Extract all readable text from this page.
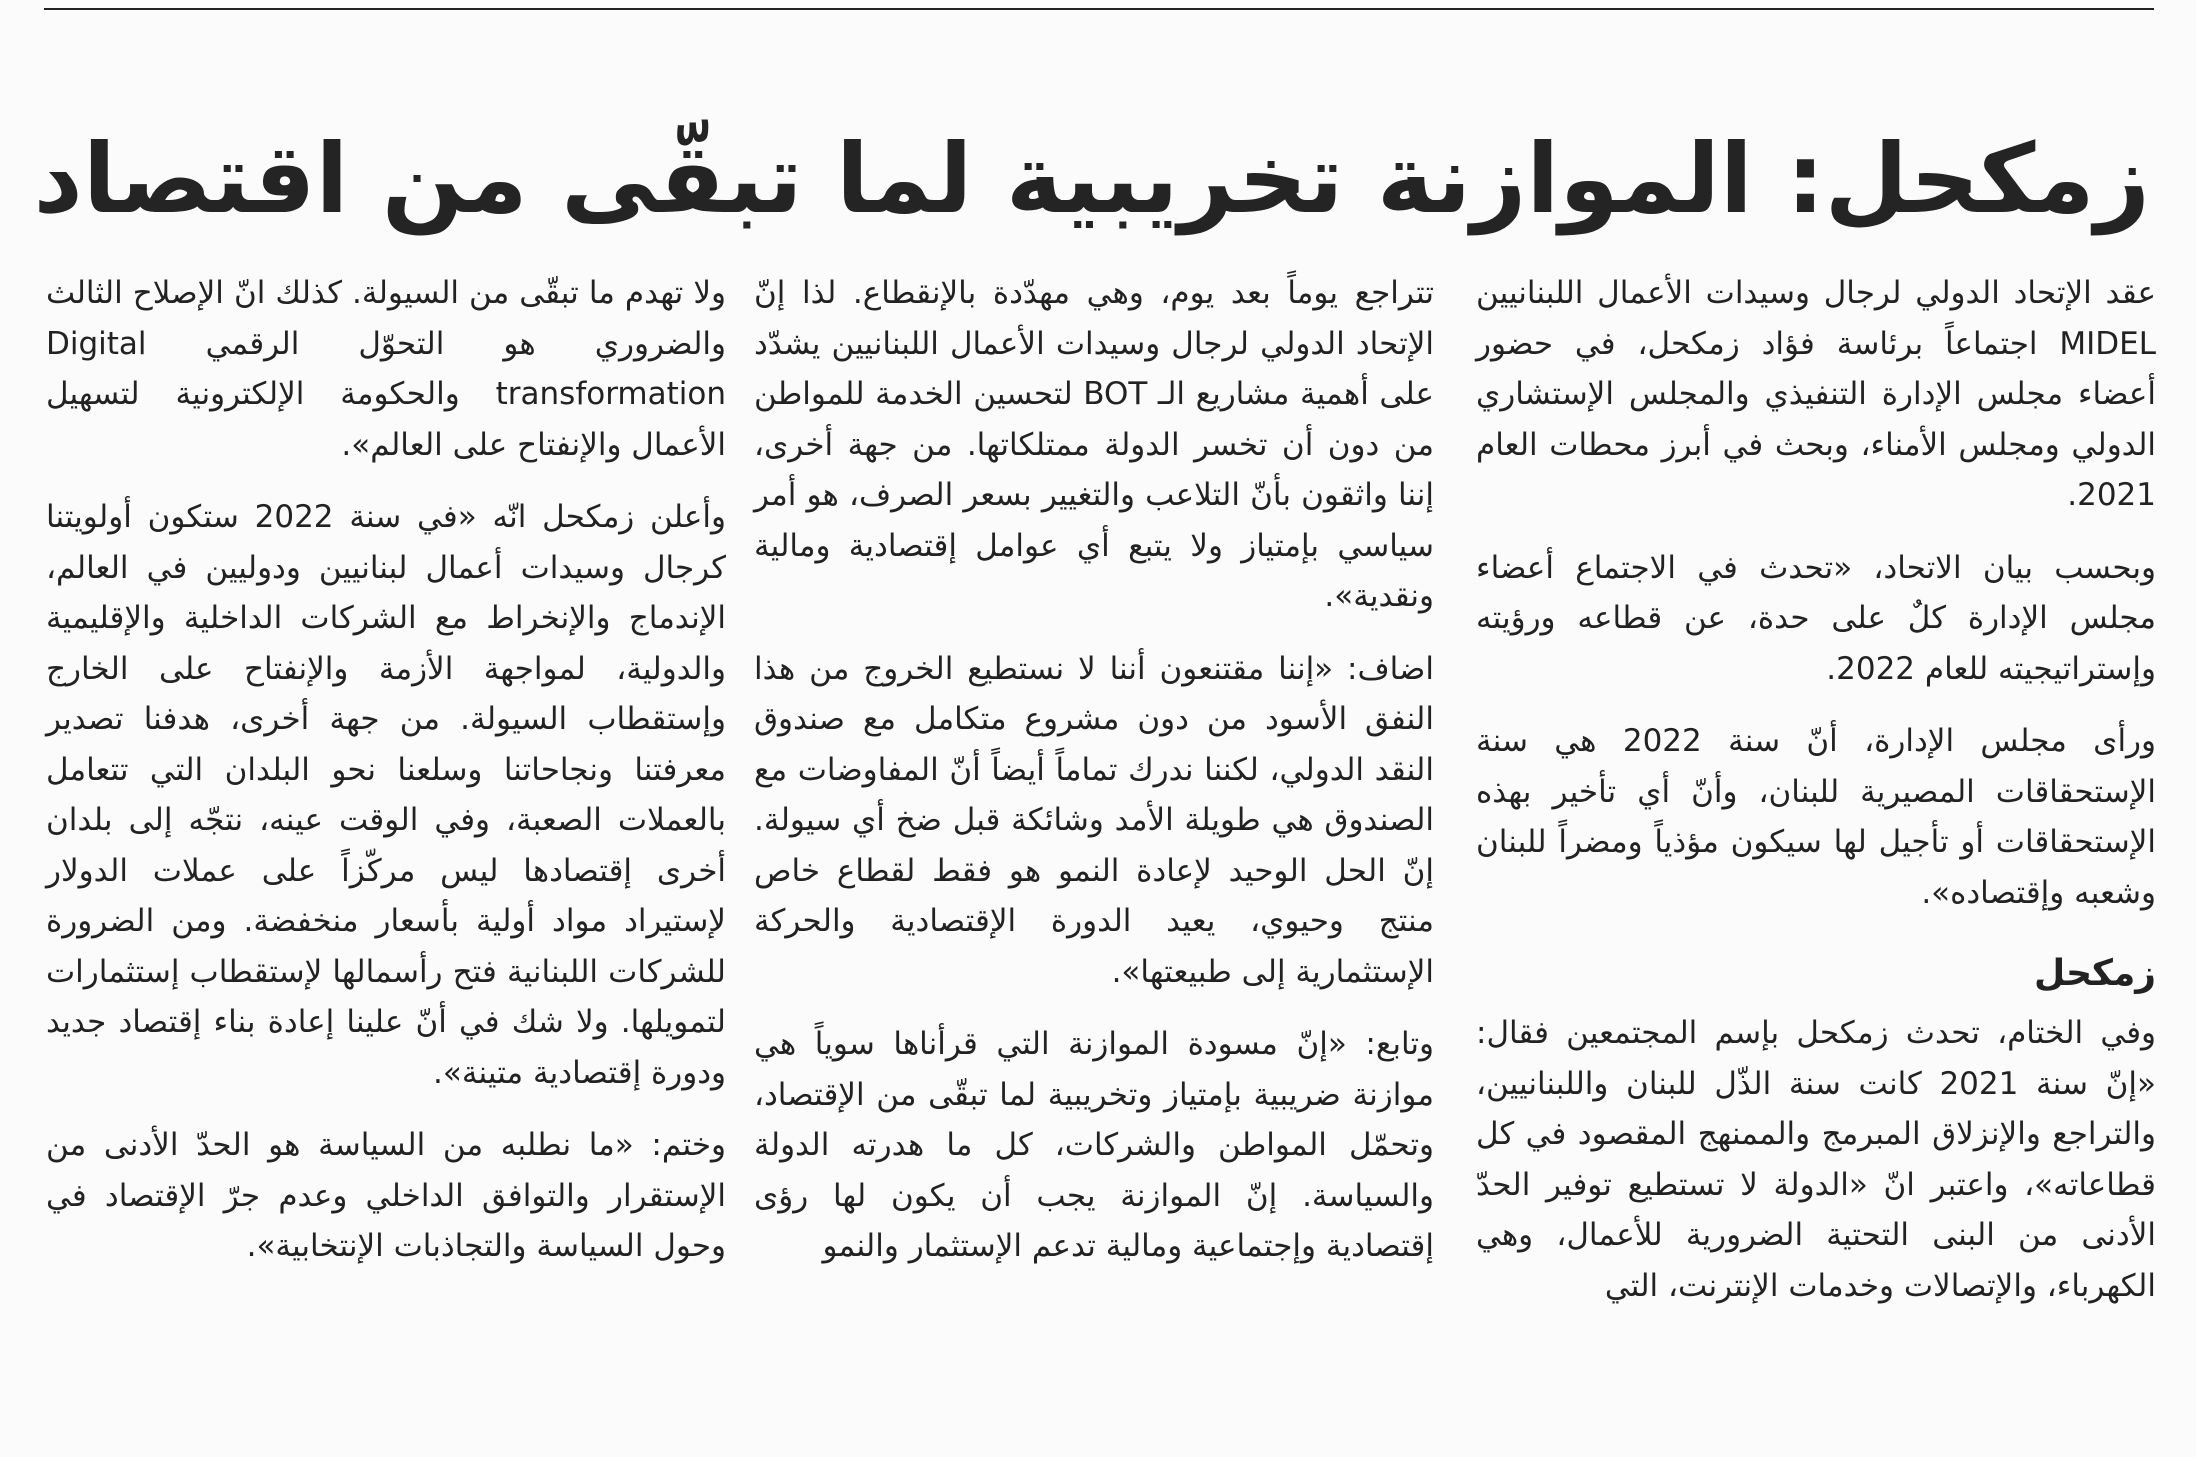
زمكحل: الموازنة تخريبية لما تبقّى من اقتصاد

عقد الإتحاد الدولي لرجال وسيدات الأعمال اللبنانيين MIDEL اجتماعاً برئاسة فؤاد زمكحل، في حضور أعضاء مجلس الإدارة التنفيذي والمجلس الإستشاري الدولي ومجلس الأمناء، وبحث في أبرز محطات العام 2021.

وبحسب بيان الاتحاد، «تحدث في الاجتماع أعضاء مجلس الإدارة كلٌ على حدة، عن قطاعه ورؤيته وإستراتيجيته للعام 2022.

ورأى مجلس الإدارة، أنّ سنة 2022 هي سنة الإستحقاقات المصيرية للبنان، وأنّ أي تأخير بهذه الإستحقاقات أو تأجيل لها سيكون مؤذياً ومضراً للبنان وشعبه وإقتصاده».

زمكحل

وفي الختام، تحدث زمكحل بإسم المجتمعين فقال: «إنّ سنة 2021 كانت سنة الذّل للبنان واللبنانيين، والتراجع والإنزلاق المبرمج والممنهج المقصود في كل قطاعاته»، واعتبر انّ «الدولة لا تستطيع توفير الحدّ الأدنى من البنى التحتية الضرورية للأعمال، وهي الكهرباء، والإتصالات وخدمات الإنترنت، التي

تتراجع يوماً بعد يوم، وهي مهدّدة بالإنقطاع. لذا إنّ الإتحاد الدولي لرجال وسيدات الأعمال اللبنانيين يشدّد على أهمية مشاريع الـ BOT لتحسين الخدمة للمواطن من دون أن تخسر الدولة ممتلكاتها. من جهة أخرى، إننا واثقون بأنّ التلاعب والتغيير بسعر الصرف، هو أمر سياسي بإمتياز ولا يتبع أي عوامل إقتصادية ومالية ونقدية».

اضاف: «إننا مقتنعون أننا لا نستطيع الخروج من هذا النفق الأسود من دون مشروع متكامل مع صندوق النقد الدولي، لكننا ندرك تماماً أيضاً أنّ المفاوضات مع الصندوق هي طويلة الأمد وشائكة قبل ضخ أي سيولة. إنّ الحل الوحيد لإعادة النمو هو فقط لقطاع خاص منتج وحيوي، يعيد الدورة الإقتصادية والحركة الإستثمارية إلى طبيعتها».

وتابع: «إنّ مسودة الموازنة التي قرأناها سوياً هي موازنة ضريبية بإمتياز وتخريبية لما تبقّى من الإقتصاد، وتحمّل المواطن والشركات، كل ما هدرته الدولة والسياسة. إنّ الموازنة يجب أن يكون لها رؤى إقتصادية وإجتماعية ومالية تدعم الإستثمار والنمو

ولا تهدم ما تبقّى من السيولة. كذلك انّ الإصلاح الثالث والضروري هو التحوّل الرقمي Digital transformation والحكومة الإلكترونية لتسهيل الأعمال والإنفتاح على العالم».

وأعلن زمكحل انّه «في سنة 2022 ستكون أولويتنا كرجال وسيدات أعمال لبنانيين ودوليين في العالم، الإندماج والإنخراط مع الشركات الداخلية والإقليمية والدولية، لمواجهة الأزمة والإنفتاح على الخارج وإستقطاب السيولة. من جهة أخرى، هدفنا تصدير معرفتنا ونجاحاتنا وسلعنا نحو البلدان التي تتعامل بالعملات الصعبة، وفي الوقت عينه، نتجّه إلى بلدان أخرى إقتصادها ليس مركّزاً على عملات الدولار لإستيراد مواد أولية بأسعار منخفضة. ومن الضرورة للشركات اللبنانية فتح رأسمالها لإستقطاب إستثمارات لتمويلها. ولا شك في أنّ علينا إعادة بناء إقتصاد جديد ودورة إقتصادية متينة».

وختم: «ما نطلبه من السياسة هو الحدّ الأدنى من الإستقرار والتوافق الداخلي وعدم جرّ الإقتصاد في وحول السياسة والتجاذبات الإنتخابية».
